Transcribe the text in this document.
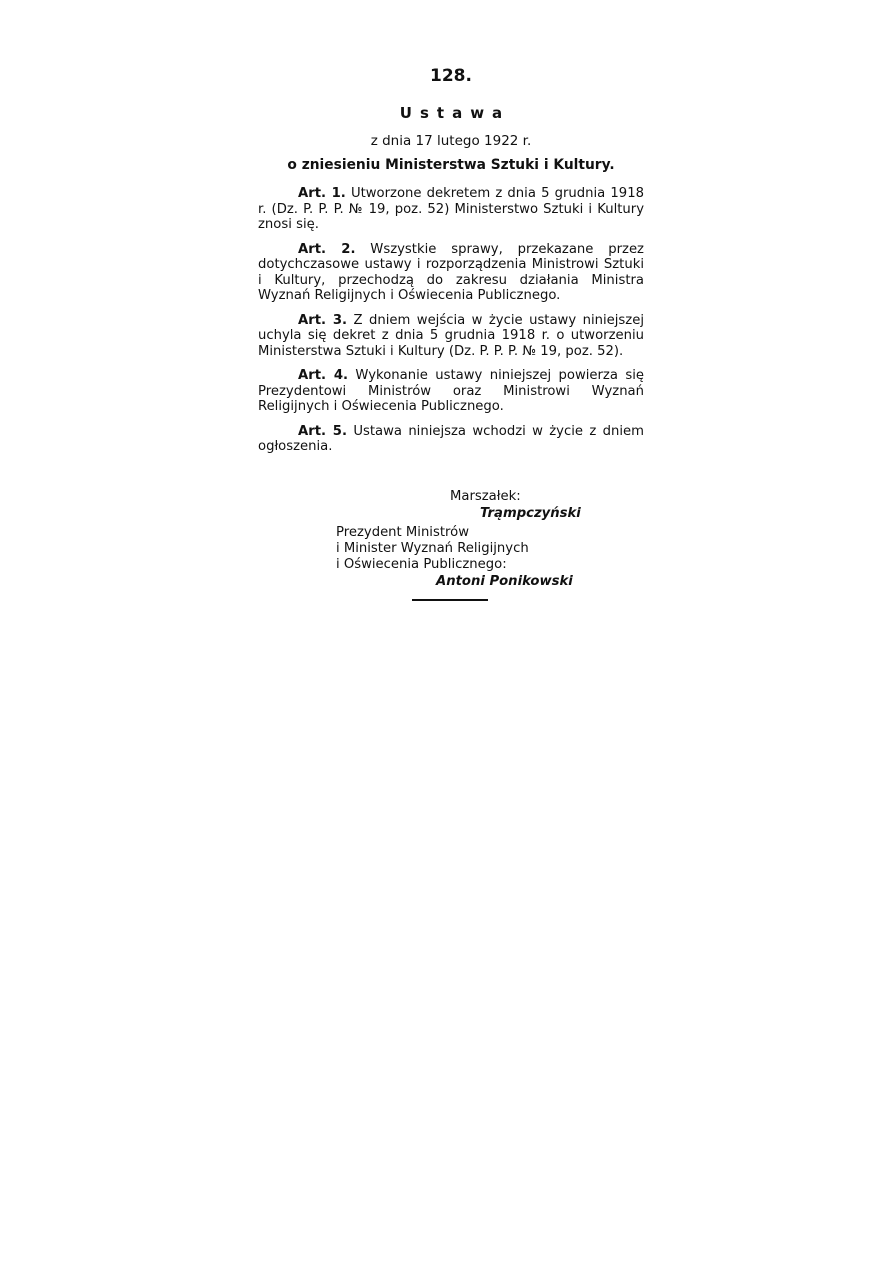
128.
Ustawa
z dnia 17 lutego 1922 r.
o zniesieniu Ministerstwa Sztuki i Kultury.

Art. 1. Utworzone dekretem z dnia 5 grudnia 1918 r. (Dz. P. P. P. № 19, poz. 52) Ministerstwo Sztuki i Kultury znosi się.

Art. 2. Wszystkie sprawy, przekazane przez dotychczasowe ustawy i rozporządzenia Ministrowi Sztuki i Kultury, przechodzą do zakresu działania Ministra Wyznań Religijnych i Oświecenia Publicznego.

Art. 3. Z dniem wejścia w życie ustawy niniejszej uchyla się dekret z dnia 5 grudnia 1918 r. o utworzeniu Ministerstwa Sztuki i Kultury (Dz. P. P. P. № 19, poz. 52).

Art. 4. Wykonanie ustawy niniejszej powierza się Prezydentowi Ministrów oraz Ministrowi Wyznań Religijnych i Oświecenia Publicznego.

Art. 5. Ustawa niniejsza wchodzi w życie z dniem ogłoszenia.

Marszałek:
Trąmpczyński
Prezydent Ministrów
i Minister Wyznań Religijnych
i Oświecenia Publicznego:
Antoni Ponikowski
